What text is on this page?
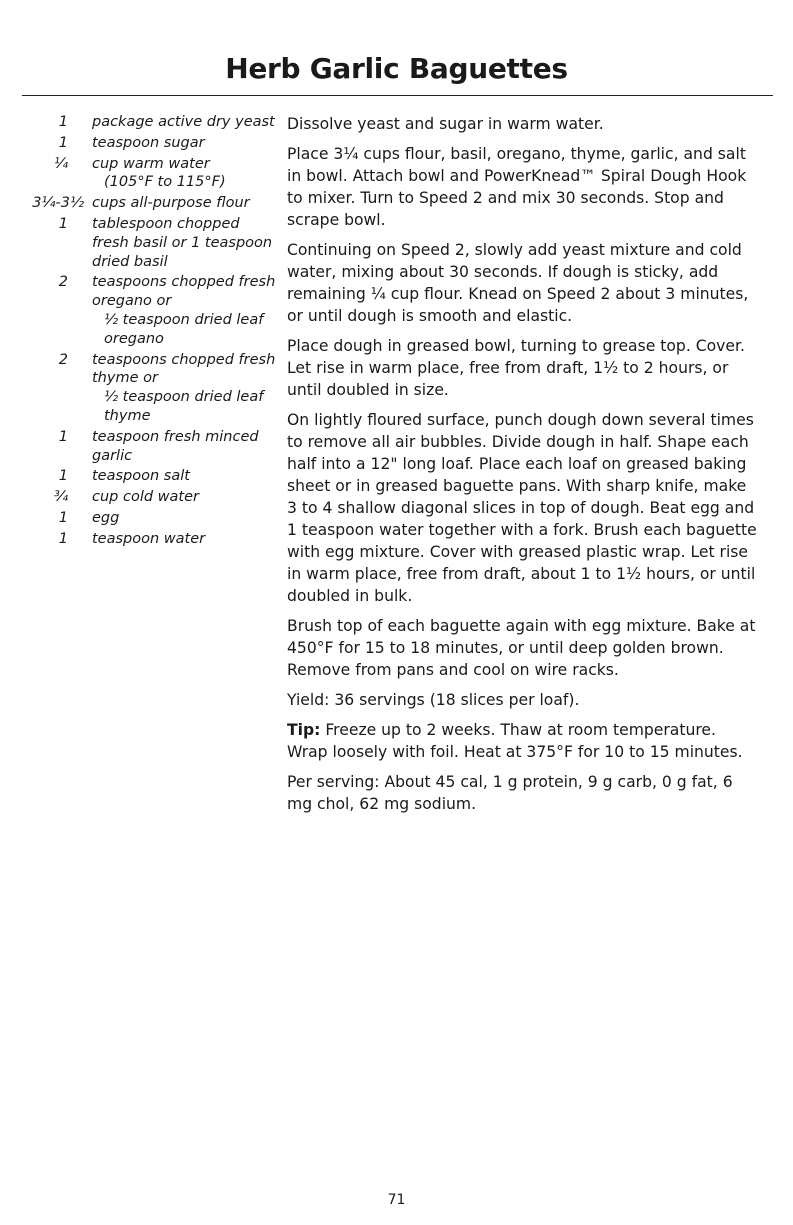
Herb Garlic Baguettes
1 package active dry yeast
1 teaspoon sugar
¼ cup warm water
(105°F to 115°F)
3¼-3½ cups all-purpose flour
1 tablespoon chopped fresh basil or 1 teaspoon dried basil
2 teaspoons chopped fresh oregano or
½ teaspoon dried leaf oregano
2 teaspoons chopped fresh thyme or
½ teaspoon dried leaf thyme
1 teaspoon fresh minced garlic
1 teaspoon salt
¾ cup cold water
1 egg
1 teaspoon water

Dissolve yeast and sugar in warm water.

Place 3¼ cups flour, basil, oregano, thyme, garlic, and salt in bowl. Attach bowl and PowerKnead™ Spiral Dough Hook to mixer. Turn to Speed 2 and mix 30 seconds. Stop and scrape bowl.

Continuing on Speed 2, slowly add yeast mixture and cold water, mixing about 30 seconds. If dough is sticky, add remaining ¼ cup flour. Knead on Speed 2 about 3 minutes, or until dough is smooth and elastic.

Place dough in greased bowl, turning to grease top. Cover. Let rise in warm place, free from draft, 1½ to 2 hours, or until doubled in size.

On lightly floured surface, punch dough down several times to remove all air bubbles. Divide dough in half. Shape each half into a 12" long loaf. Place each loaf on greased baking sheet or in greased baguette pans. With sharp knife, make 3 to 4 shallow diagonal slices in top of dough. Beat egg and 1 teaspoon water together with a fork. Brush each baguette with egg mixture. Cover with greased plastic wrap. Let rise in warm place, free from draft, about 1 to 1½ hours, or until doubled in bulk.

Brush top of each baguette again with egg mixture. Bake at 450°F for 15 to 18 minutes, or until deep golden brown. Remove from pans and cool on wire racks.

Yield: 36 servings (18 slices per loaf).

Tip: Freeze up to 2 weeks. Thaw at room temperature. Wrap loosely with foil. Heat at 375°F for 10 to 15 minutes.

Per serving: About 45 cal, 1 g protein, 9 g carb, 0 g fat, 6 mg chol, 62 mg sodium.

71
